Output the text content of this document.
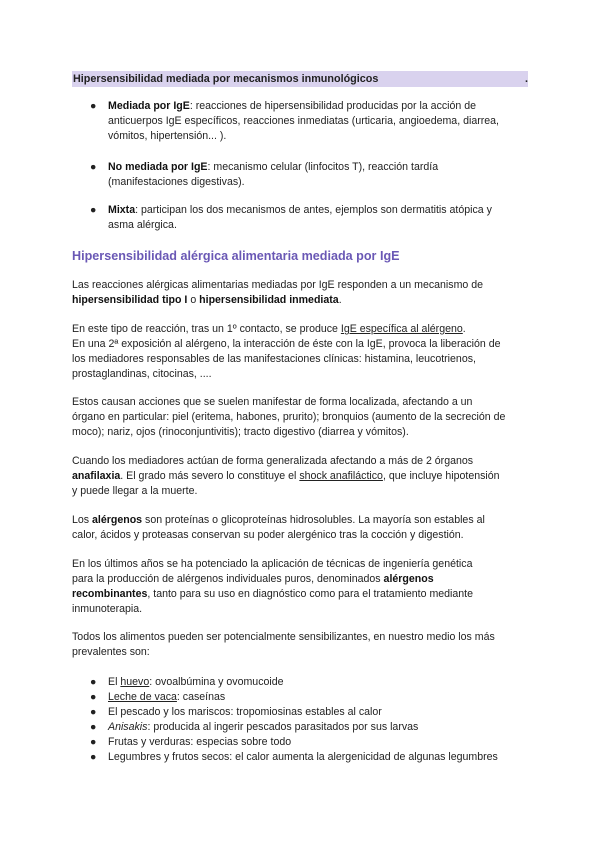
Hipersensibilidad mediada por mecanismos inmunológicos	.
● Mediada por IgE: reacciones de hipersensibilidad producidas por la acción de
anticuerpos IgE específicos, reacciones inmediatas (urticaria, angioedema, diarrea,
vómitos, hipertensión... ).
● No mediada por IgE: mecanismo celular (linfocitos T), reacción tardía
(manifestaciones digestivas).
● Mixta: participan los dos mecanismos de antes, ejemplos son dermatitis atópica y
asma alérgica.
Hipersensibilidad alérgica alimentaria mediada por IgE
Las reacciones alérgicas alimentarias mediadas por IgE responden a un mecanismo de
hipersensibilidad tipo I o hipersensibilidad inmediata.
En este tipo de reacción, tras un 1º contacto, se produce IgE específica al alérgeno.
En una 2ª exposición al alérgeno, la interacción de éste con la IgE, provoca la liberación de
los mediadores responsables de las manifestaciones clínicas: histamina, leucotrienos,
prostaglandinas, citocinas, ....
Estos causan acciones que se suelen manifestar de forma localizada, afectando a un
órgano en particular: piel (eritema, habones, prurito); bronquios (aumento de la secreción de
moco); nariz, ojos (rinoconjuntivitis); tracto digestivo (diarrea y vómitos).
Cuando los mediadores actúan de forma generalizada afectando a más de 2 órganos
anafilaxia. El grado más severo lo constituye el shock anafiláctico, que incluye hipotensión
y puede llegar a la muerte.
Los alérgenos son proteínas o glicoproteínas hidrosolubles. La mayoría son estables al
calor, ácidos y proteasas conservan su poder alergénico tras la cocción y digestión.
En los últimos años se ha potenciado la aplicación de técnicas de ingeniería genética
para la producción de alérgenos individuales puros, denominados alérgenos
recombinantes, tanto para su uso en diagnóstico como para el tratamiento mediante
inmunoterapia.
Todos los alimentos pueden ser potencialmente sensibilizantes, en nuestro medio los más
prevalentes son:
● El huevo: ovoalbúmina y ovomucoide
● Leche de vaca: caseínas
● El pescado y los mariscos: tropomiosinas estables al calor
● Anisakis: producida al ingerir pescados parasitados por sus larvas
● Frutas y verduras: especias sobre todo
● Legumbres y frutos secos: el calor aumenta la alergenicidad de algunas legumbres
